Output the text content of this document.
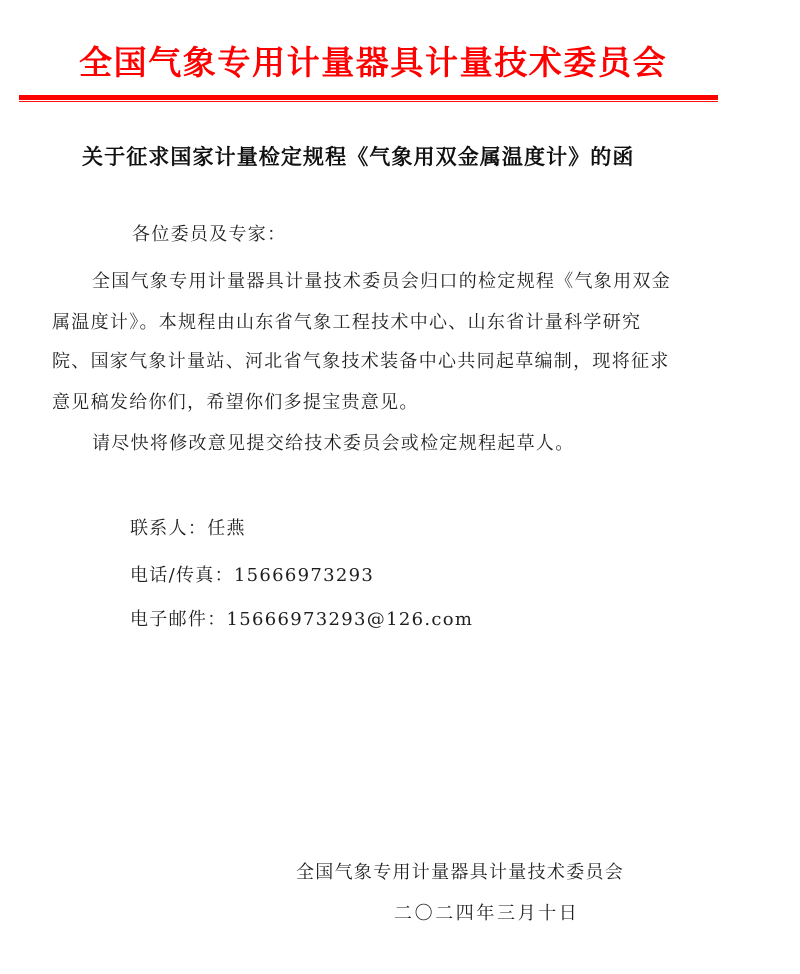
全国气象专用计量器具计量技术委员会
关于征求国家计量检定规程《气象用双金属温度计》的函
各位委员及专家：
全国气象专用计量器具计量技术委员会归口的检定规程《气象用双金
属温度计》。本规程由山东省气象工程技术中心、山东省计量科学研究
院、国家气象计量站、河北省气象技术装备中心共同起草编制，现将征求
意见稿发给你们，希望你们多提宝贵意见。
请尽快将修改意见提交给技术委员会或检定规程起草人。
联系人：任燕
电话/传真：15666973293
电子邮件：15666973293@126.com
全国气象专用计量器具计量技术委员会
二〇二四年三月十日
